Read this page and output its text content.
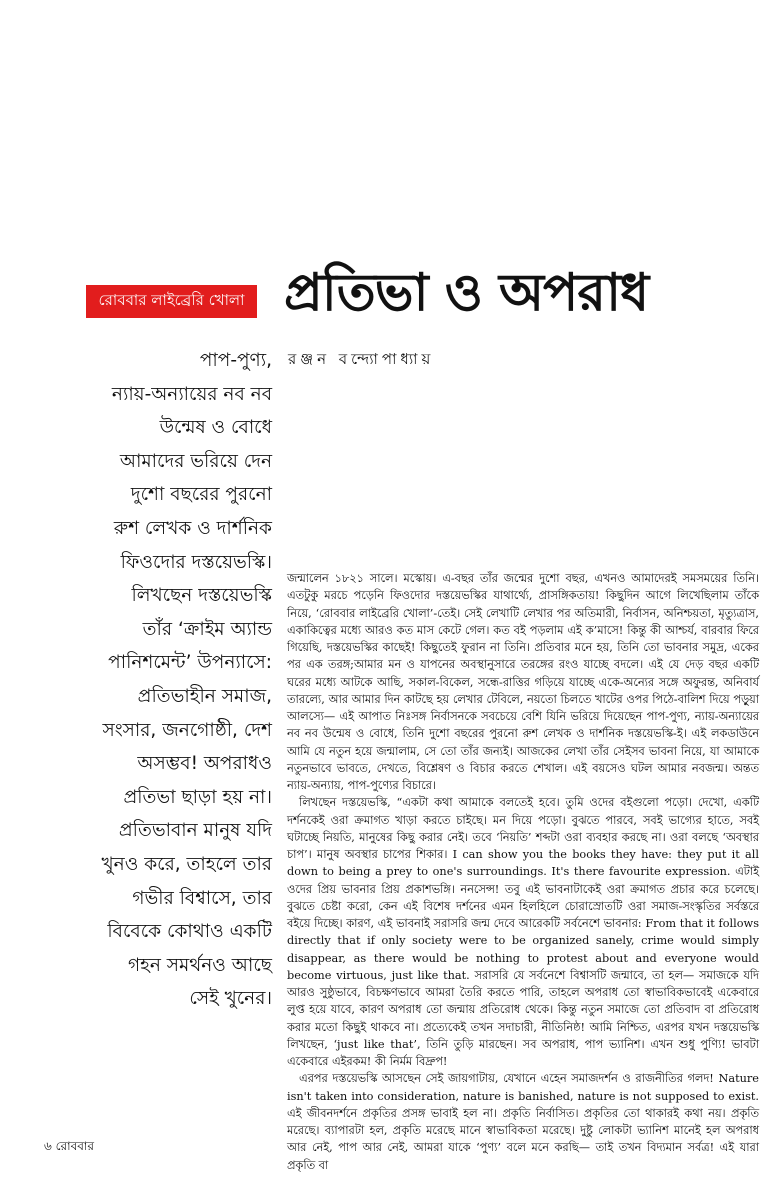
রোববার লাইব্রেরি খোলা প্রতিভা ও অপরাধ
রঞ্জন বন্দ্যোপাধ্যায়
পাপ-পুণ্য,
ন্যায়-অন্যায়ের নব নব
উন্মেষ ও বোধে
আমাদের ভরিয়ে দেন
দুশো বছরের পুরনো
রুশ লেখক ও দার্শনিক
ফিওদোর দস্তয়েভস্কি।
লিখছেন দস্তয়েভস্কি
তাঁর ‘ক্রাইম অ্যান্ড
পানিশমেন্ট’ উপন্যাসে:
প্রতিভাহীন সমাজ,
সংসার, জনগোষ্ঠী, দেশ
অসম্ভব! অপরাধও
প্রতিভা ছাড়া হয় না।
প্রতিভাবান মানুষ যদি
খুনও করে, তাহলে তার
গভীর বিশ্বাসে, তার
বিবেকে কোথাও একটি
গহন সমর্থনও আছে
সেই খুনের।

জন্মালেন ১৮২১ সালে। মস্কোয়। এ-বছর তাঁর জন্মের দুশো বছর, এখনও আমাদেরই সমসময়ের তিনি। এতটুকু মরচে পড়েনি ফিওদোর দস্তয়েভস্কির যাথার্থ্যে, প্রাসঙ্গিকতায়! কিছুদিন আগে লিখেছিলাম তাঁকে নিয়ে, ‘রোববার লাইব্রেরি খোলা’-তেই। সেই লেখাটি লেখার পর অতিমারী, নির্বাসন, অনিশ্চয়তা, মৃত্যুত্রাস, একাকিত্বের মধ্যে আরও কত মাস কেটে গেল। কত বই পড়লাম এই ক’মাসে! কিন্তু কী আশ্চর্য, বারবার ফিরে গিয়েছি, দস্তয়েভস্কির কাছেই! কিছুতেই ফুরান না তিনি। প্রতিবার মনে হয়, তিনি তো ভাবনার সমুদ্র, একের পর এক তরঙ্গ;আমার মন ও যাপনের অবস্থানুসারে তরঙ্গের রংও যাচ্ছে বদলে। এই যে দেড় বছর একটি ঘরের মধ্যে আটকে আছি, সকাল-বিকেল, সন্ধে-রাত্তির গড়িয়ে যাচ্ছে একে-অন্যের সঙ্গে অফুরন্ত, অনিবার্য তারল্যে, আর আমার দিন কাটছে হয় লেখার টেবিলে, নয়তো চিলতে খাটের ওপর পিঠে-বালিশ দিয়ে পড়ুয়া আলস্যে— এই আপাত নিঃসঙ্গ নির্বাসনকে সবচেয়ে বেশি যিনি ভরিয়ে দিয়েছেন পাপ-পুণ্য, ন্যায়-অন্যায়ের নব নব উন্মেষ ও বোধে, তিনি দুশো বছরের পুরনো রুশ লেখক ও দার্শনিক দস্তয়েভস্কি-ই। এই লকডাউনে আমি যে নতুন হয়ে জন্মালাম, সে তো তাঁর জন্যই। আজকের লেখা তাঁর সেইসব ভাবনা নিয়ে, যা আমাকে নতুনভাবে ভাবতে, দেখতে, বিশ্লেষণ ও বিচার করতে শেখাল। এই বয়সেও ঘটল আমার নবজন্ম। অন্তত ন্যায়-অন্যায়, পাপ-পুণ্যের বিচারে।

লিখছেন দস্তয়েভস্কি, “একটা কথা আমাকে বলতেই হবে। তুমি ওদের বইগুলো পড়ো। দেখো, একটি দর্শনকেই ওরা ক্রমাগত খাড়া করতে চাইছে। মন দিয়ে পড়ো। বুঝতে পারবে, সবই ভাগ্যের হাতে, সবই ঘটাচ্ছে নিয়তি, মানুষের কিছু করার নেই। তবে ‘নিয়তি’ শব্দটা ওরা ব্যবহার করছে না। ওরা বলছে ‘অবস্থার চাপ’। মানুষ অবস্থার চাপের শিকার। I can show you the books they have: they put it all down to being a prey to one's surroundings. It's there favourite expression. এটাই ওদের প্রিয় ভাবনার প্রিয় প্রকাশভঙ্গি। ননসেন্স! তবু এই ভাবনাটাকেই ওরা ক্রমাগত প্রচার করে চলেছে। বুঝতে চেষ্টা করো, কেন এই বিশেষ দর্শনের এমন হিলহিলে চোরাস্রোতটি ওরা সমাজ-সংস্কৃতির সর্বস্তরে বইয়ে দিচ্ছে। কারণ, এই ভাবনাই সরাসরি জন্ম দেবে আরেকটি সর্বনেশে ভাবনার: From that it follows directly that if only society were to be organized sanely, crime would simply disappear, as there would be nothing to protest about and everyone would become virtuous, just like that. সরাসরি যে সর্বনেশে বিশ্বাসটি জন্মাবে, তা হল— সমাজকে যদি আরও সুষ্ঠুভাবে, বিচক্ষণভাবে আমরা তৈরি করতে পারি, তাহলে অপরাধ তো স্বাভাবিকভাবেই একেবারে লুপ্ত হয়ে যাবে, কারণ অপরাধ তো জন্মায় প্রতিরোধ থেকে। কিন্তু নতুন সমাজে তো প্রতিবাদ বা প্রতিরোধ করার মতো কিছুই থাকবে না। প্রত্যেকেই তখন সদাচারী, নীতিনিষ্ঠ! আমি নিশ্চিত, এরপর যখন দস্তয়েভস্কি লিখছেন, ‘just like that’, তিনি তুড়ি মারছেন। সব অপরাধ, পাপ ভ্যানিশ। এখন শুধু পুণ্যি! ভাবটা একেবারে এইরকম! কী নির্মম বিদ্রুপ!

এরপর দস্তয়েভস্কি আসছেন সেই জায়গাটায়, যেখানে এহেন সমাজদর্শন ও রাজনীতির গলদ! Nature isn't taken into consideration, nature is banished, nature is not supposed to exist. এই জীবনদর্শনে প্রকৃতির প্রসঙ্গ ভাবাই হল না। প্রকৃতি নির্বাসিত। প্রকৃতির তো থাকারই কথা নয়। প্রকৃতি মরেছে। ব্যাপারটা হল, প্রকৃতি মরেছে মানে স্বাভাবিকতা মরেছে। দুষ্টু লোকটা ভ্যানিশ মানেই হল অপরাধ আর নেই, পাপ আর নেই, আমরা যাকে ‘পুণ্য’ বলে মনে করছি— তাই তখন বিদ্যমান সর্বত্র! এই যারা প্রকৃতি বা

৬ রোববার
